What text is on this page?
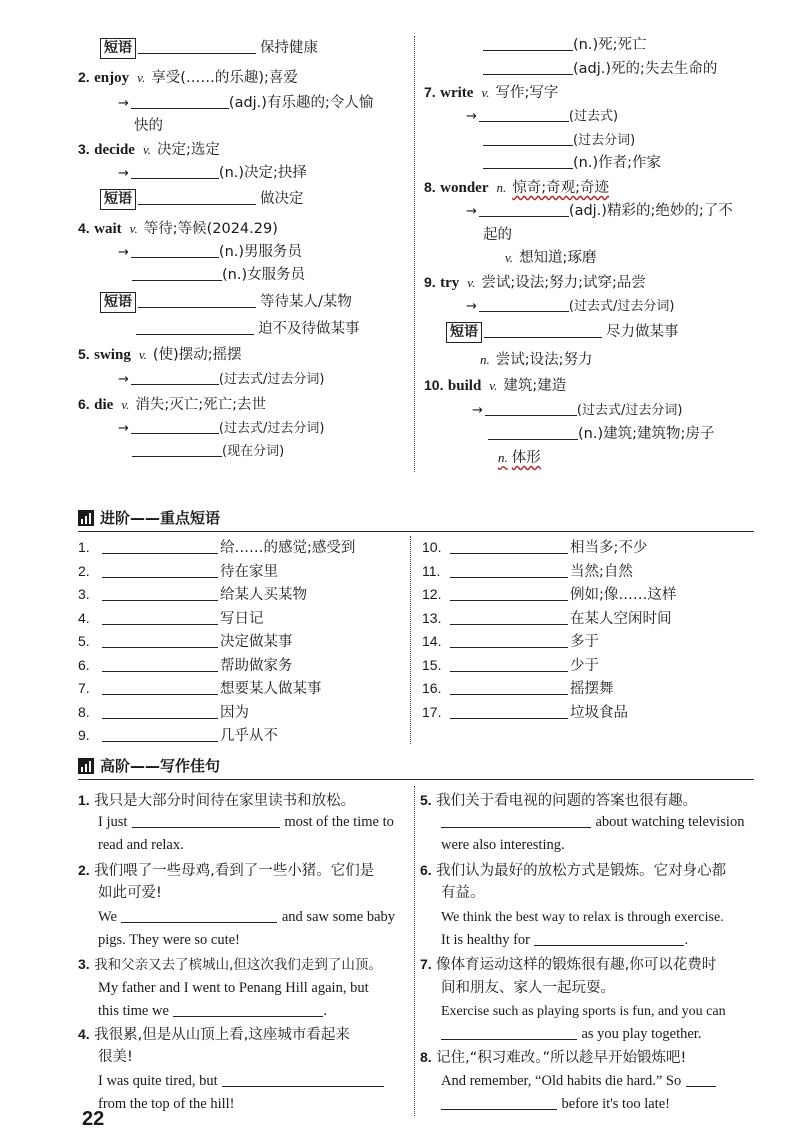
短语	保持健康
2. enjoy v. 享受(……的乐趣);喜爱
→	(adj.)有乐趣的;令人愉
快的
3. decide v. 决定;选定
→	(n.)决定;抉择
短语	做决定
4. wait v. 等待;等候(2024.29)
→	(n.)男服务员
(n.)女服务员
短语	等待某人/某物
迫不及待做某事
5. swing v. (使)摆动;摇摆
→	(过去式/过去分词)
6. die v. 消失;灭亡;死亡;去世
→	(过去式/过去分词)
(现在分词)
(n.)死;死亡
(adj.)死的;失去生命的
7. write v. 写作;写字
→	(过去式)
(过去分词)
(n.)作者;作家
8. wonder n. 惊奇;奇观;奇迹
→	(adj.)精彩的;绝妙的;了不
起的
v. 想知道;琢磨
9. try v. 尝试;设法;努力;试穿;品尝
→	(过去式/过去分词)
短语	尽力做某事
n. 尝试;设法;努力
10. build v. 建筑;建造
→	(过去式/过去分词)
(n.)建筑;建筑物;房子
n. 体形
进阶——重点短语
1.	给……的感觉;感受到
2.	待在家里
3.	给某人买某物
4.	写日记
5.	决定做某事
6.	帮助做家务
7.	想要某人做某事
8.	因为
9.	几乎从不
10.	相当多;不少
11.	当然;自然
12.	例如;像……这样
13.	在某人空闲时间
14.	多于
15.	少于
16.	摇摆舞
17.	垃圾食品
高阶——写作佳句
1. 我只是大部分时间待在家里读书和放松。
I just	most of the time to
read and relax.
2. 我们喂了一些母鸡,看到了一些小猪。它们是
如此可爱!
We	and saw some baby
pigs. They were so cute!
3. 我和父亲又去了槟城山,但这次我们走到了山顶。
My father and I went to Penang Hill again, but
this time we	.
4. 我很累,但是从山顶上看,这座城市看起来
很美!
I was quite tired, but
from the top of the hill!
5. 我们关于看电视的问题的答案也很有趣。
about watching television
were also interesting.
6. 我们认为最好的放松方式是锻炼。它对身心都
有益。
We think the best way to relax is through exercise.
It is healthy for	.
7. 像体育运动这样的锻炼很有趣,你可以花费时
间和朋友、家人一起玩耍。
Exercise such as playing sports is fun, and you can
as you play together.
8. 记住,“积习难改。”所以趁早开始锻炼吧!
And remember, “Old habits die hard.” So
before it's too late!
22
